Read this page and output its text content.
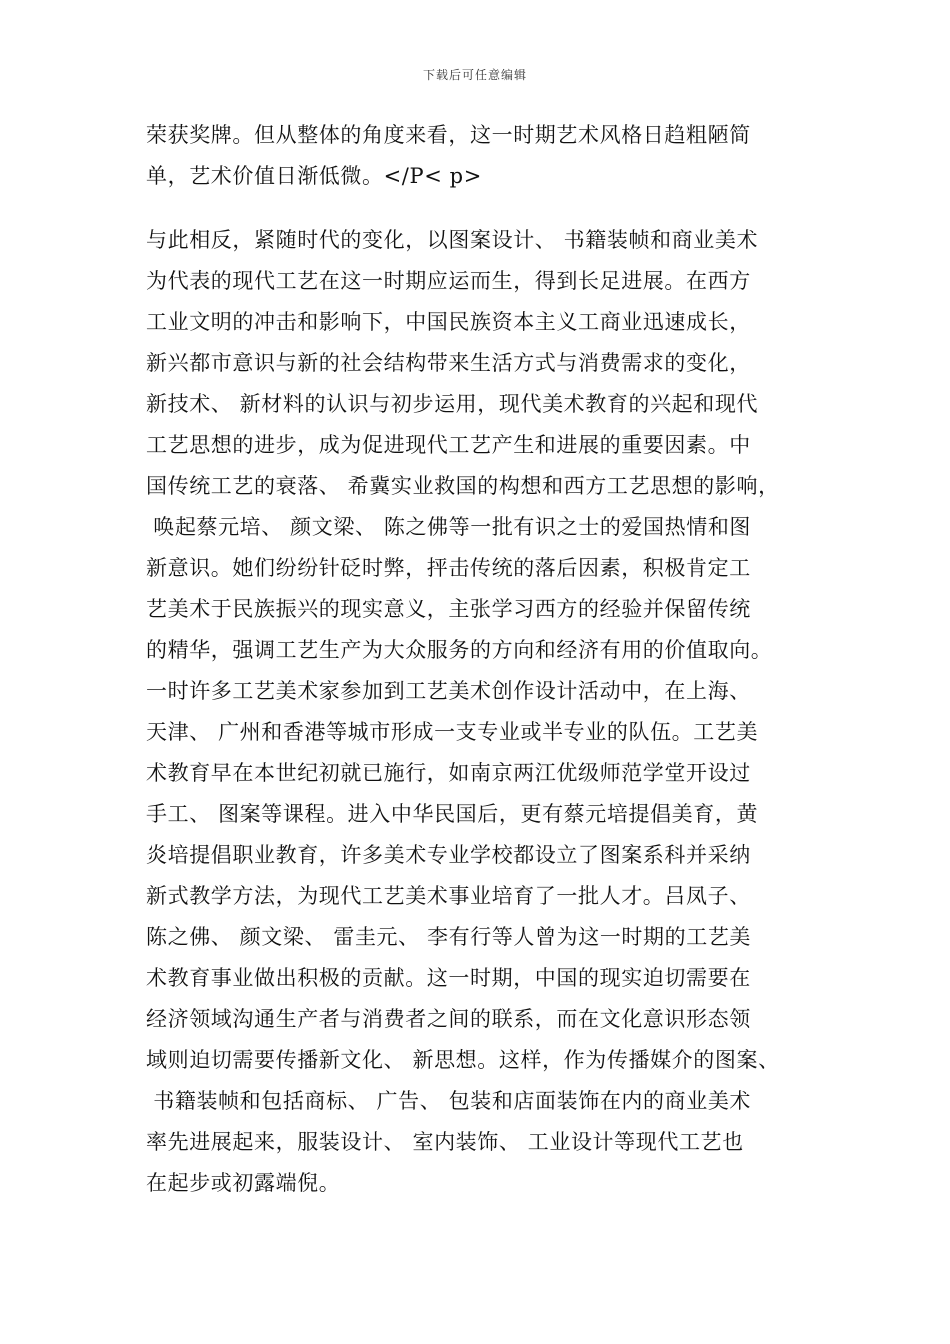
下载后可任意编辑
荣获奖牌。但从整体的角度来看，这一时期艺术风格日趋粗陋简
单，艺术价值日渐低微。</P< p>
与此相反，紧随时代的变化，以图案设计、 书籍装帧和商业美术
为代表的现代工艺在这一时期应运而生，得到长足进展。在西方
工业文明的冲击和影响下，中国民族资本主义工商业迅速成长，
新兴都市意识与新的社会结构带来生活方式与消费需求的变化，
新技术、 新材料的认识与初步运用，现代美术教育的兴起和现代
工艺思想的进步，成为促进现代工艺产生和进展的重要因素。中
国传统工艺的衰落、 希冀实业救国的构想和西方工艺思想的影响，
唤起蔡元培、 颜文梁、 陈之佛等一批有识之士的爱国热情和图
新意识。她们纷纷针砭时弊，抨击传统的落后因素，积极肯定工
艺美术于民族振兴的现实意义，主张学习西方的经验并保留传统
的精华，强调工艺生产为大众服务的方向和经济有用的价值取向。
一时许多工艺美术家参加到工艺美术创作设计活动中，在上海、
天津、 广州和香港等城市形成一支专业或半专业的队伍。工艺美
术教育早在本世纪初就已施行，如南京两江优级师范学堂开设过
手工、 图案等课程。进入中华民国后，更有蔡元培提倡美育，黄
炎培提倡职业教育，许多美术专业学校都设立了图案系科并采纳
新式教学方法，为现代工艺美术事业培育了一批人才。吕凤子、
陈之佛、 颜文梁、 雷圭元、 李有行等人曾为这一时期的工艺美
术教育事业做出积极的贡献。这一时期，中国的现实迫切需要在
经济领域沟通生产者与消费者之间的联系，而在文化意识形态领
域则迫切需要传播新文化、 新思想。这样，作为传播媒介的图案、
书籍装帧和包括商标、 广告、 包装和店面装饰在内的商业美术
率先进展起来，服装设计、 室内装饰、 工业设计等现代工艺也
在起步或初露端倪。
